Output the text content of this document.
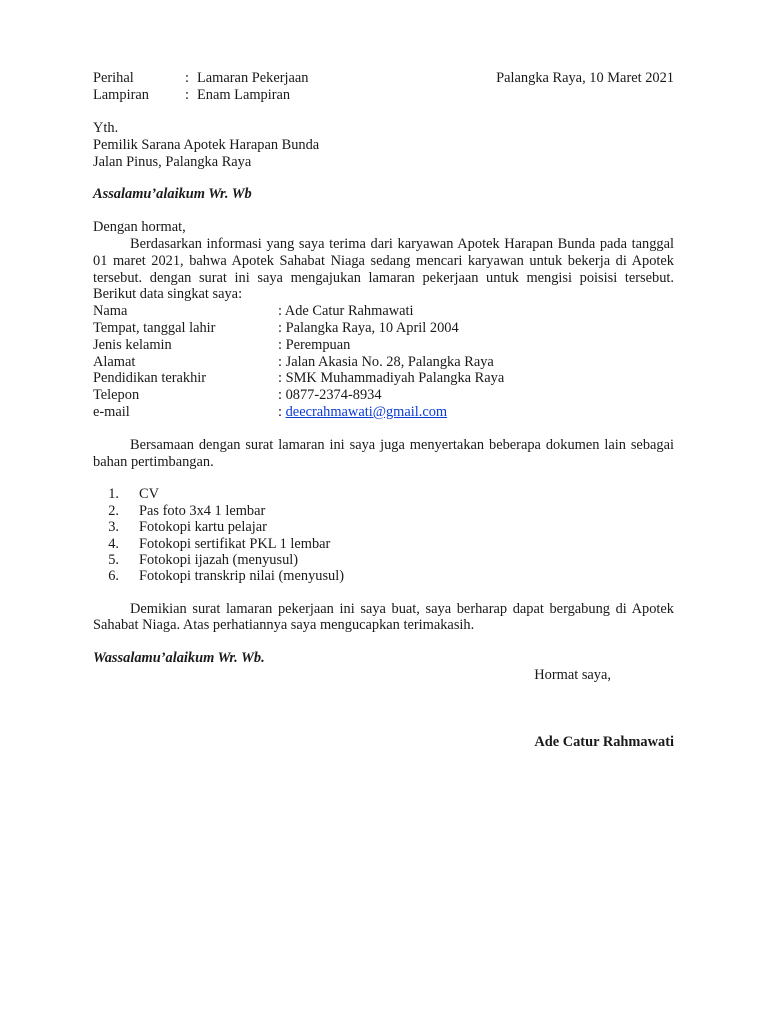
Perihal	: Lamaran Pekerjaan	Palangka Raya, 10 Maret 2021
Lampiran	: Enam Lampiran
Yth.
Pemilik Sarana Apotek Harapan Bunda
Jalan Pinus, Palangka Raya
Assalamu’alaikum Wr. Wb
Dengan hormat,

Berdasarkan informasi yang saya terima dari karyawan Apotek Harapan Bunda pada tanggal 01 maret 2021, bahwa Apotek Sahabat Niaga sedang mencari karyawan untuk bekerja di Apotek tersebut. dengan surat ini saya mengajukan lamaran pekerjaan untuk mengisi poisisi tersebut. Berikut data singkat saya:

Nama	: Ade Catur Rahmawati
Tempat, tanggal lahir	: Palangka Raya, 10 April 2004
Jenis kelamin	: Perempuan
Alamat	: Jalan Akasia No. 28, Palangka Raya
Pendidikan terakhir	: SMK Muhammadiyah Palangka Raya
Telepon	: 0877-2374-8934
e-mail	: deecrahmawati@gmail.com

Bersamaan dengan surat lamaran ini saya juga menyertakan beberapa dokumen lain sebagai bahan pertimbangan.

1.	CV
2.	Pas foto 3x4 1 lembar
3.	Fotokopi kartu pelajar
4.	Fotokopi sertifikat PKL 1 lembar
5.	Fotokopi ijazah (menyusul)
6.	Fotokopi transkrip nilai (menyusul)

Demikian surat lamaran pekerjaan ini saya buat, saya berharap dapat bergabung di Apotek Sahabat Niaga. Atas perhatiannya saya mengucapkan terimakasih.

Wassalamu’alaikum Wr. Wb.
Hormat saya,
Ade Catur Rahmawati
